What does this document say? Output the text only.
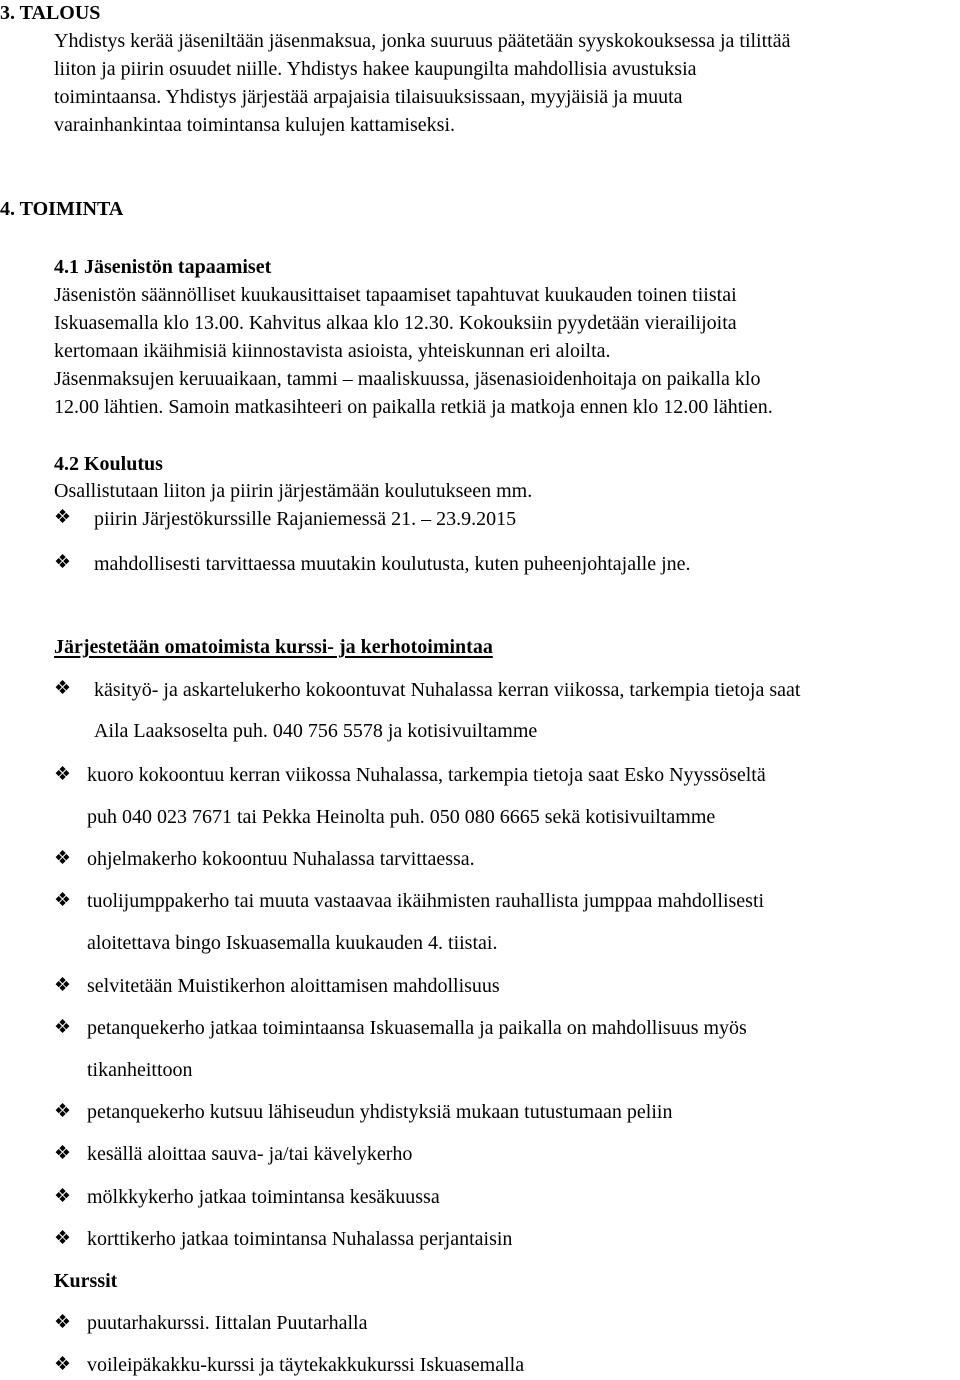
3. TALOUS
Yhdistys kerää jäseniltään jäsenmaksua, jonka suuruus päätetään syyskokouksessa ja tilittää
liiton ja piirin osuudet niille. Yhdistys hakee kaupungilta mahdollisia avustuksia
toimintaansa. Yhdistys järjestää arpajaisia tilaisuuksissaan, myyjäisiä ja muuta
varainhankintaa toimintansa kulujen kattamiseksi.
4. TOIMINTA
4.1 Jäsenistön tapaamiset
Jäsenistön säännölliset kuukausittaiset tapaamiset tapahtuvat kuukauden toinen tiistai
Iskuasemalla klo 13.00. Kahvitus alkaa klo 12.30. Kokouksiin pyydetään vierailijoita
kertomaan ikäihmisiä kiinnostavista asioista, yhteiskunnan eri aloilta.
Jäsenmaksujen keruuaikaan, tammi – maaliskuussa, jäsenasioidenhoitaja on paikalla klo
12.00 lähtien. Samoin matkasihteeri on paikalla retkiä ja matkoja ennen klo 12.00 lähtien.
4.2 Koulutus
Osallistutaan liiton ja piirin järjestämään koulutukseen mm.
❖ piirin Järjestökurssille Rajaniemessä 21. – 23.9.2015
❖ mahdollisesti tarvittaessa muutakin koulutusta, kuten puheenjohtajalle jne.
Järjestetään omatoimista kurssi- ja kerhotoimintaa
❖ käsityö- ja askartelukerho kokoontuvat Nuhalassa kerran viikossa, tarkempia tietoja saat
Aila Laaksoselta puh. 040 756 5578 ja kotisivuiltamme
❖ kuoro kokoontuu kerran viikossa Nuhalassa, tarkempia tietoja saat Esko Nyyssöseltä
puh 040 023 7671 tai Pekka Heinolta puh. 050 080 6665 sekä kotisivuiltamme
❖ ohjelmakerho kokoontuu Nuhalassa tarvittaessa.
❖ tuolijumppakerho tai muuta vastaavaa ikäihmisten rauhallista jumppaa mahdollisesti
aloitettava bingo Iskuasemalla kuukauden 4. tiistai.
❖ selvitetään Muistikerhon aloittamisen mahdollisuus
❖ petanquekerho jatkaa toimintaansa Iskuasemalla ja paikalla on mahdollisuus myös
tikanheittoon
❖ petanquekerho kutsuu lähiseudun yhdistyksiä mukaan tutustumaan peliin
❖ kesällä aloittaa sauva- ja/tai kävelykerho
❖ mölkkykerho jatkaa toimintansa kesäkuussa
❖ korttikerho jatkaa toimintansa Nuhalassa perjantaisin
Kurssit
❖ puutarhakurssi. Iittalan Puutarhalla
❖ voileipäkakku-kurssi ja täytekakkukurssi Iskuasemalla
